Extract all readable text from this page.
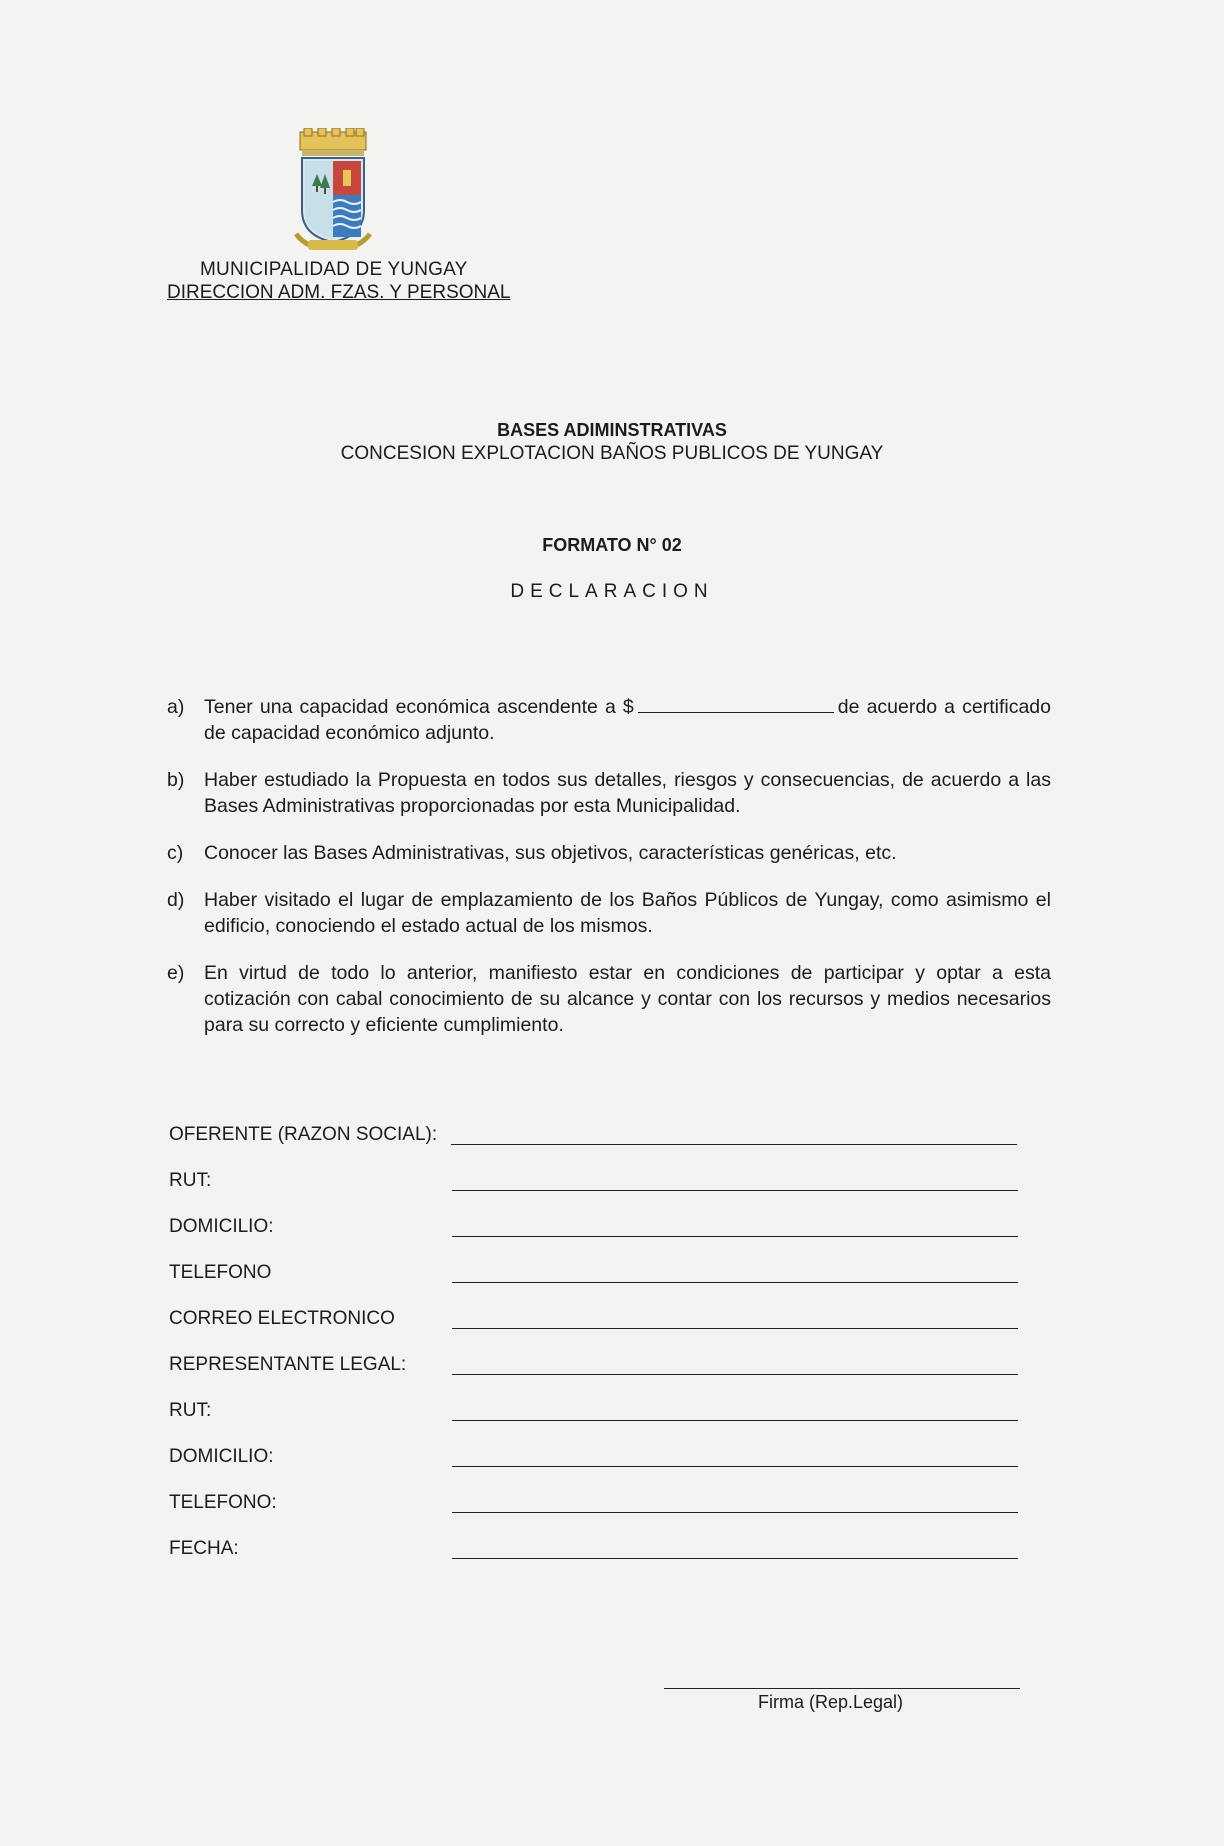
MUNICIPALIDAD DE YUNGAY
DIRECCION ADM. FZAS. Y PERSONAL
BASES ADIMINSTRATIVAS
CONCESION EXPLOTACION BAÑOS PUBLICOS DE YUNGAY
FORMATO N° 02
DECLARACION
a) Tener una capacidad económica ascendente a $	de acuerdo a certificado de capacidad económico adjunto.
b) Haber estudiado la Propuesta en todos sus detalles, riesgos y consecuencias, de acuerdo a las Bases Administrativas proporcionadas por esta Municipalidad.
c) Conocer las Bases Administrativas, sus objetivos, características genéricas, etc.
d) Haber visitado el lugar de emplazamiento de los Baños Públicos de Yungay, como asimismo el edificio, conociendo el estado actual de los mismos.
e) En virtud de todo lo anterior, manifiesto estar en condiciones de participar y optar a esta cotización con cabal conocimiento de su alcance y contar con los recursos y medios necesarios para su correcto y eficiente cumplimiento.
OFERENTE (RAZON SOCIAL):
RUT:
DOMICILIO:
TELEFONO
CORREO ELECTRONICO
REPRESENTANTE LEGAL:
RUT:
DOMICILIO:
TELEFONO:
FECHA:
Firma (Rep.Legal)
